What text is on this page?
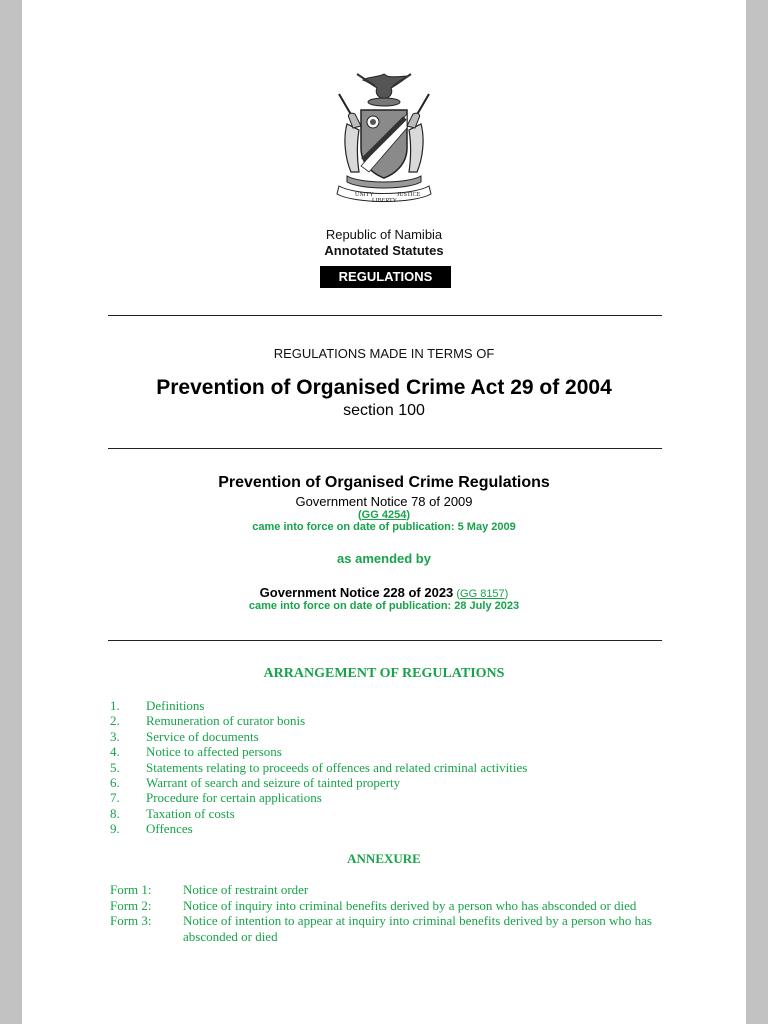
UNITY
LIBERTY
JUSTICE
Republic of Namibia
Annotated Statutes
REGULATIONS
REGULATIONS MADE IN TERMS OF
Prevention of Organised Crime Act 29 of 2004
section 100
Prevention of Organised Crime Regulations
Government Notice 78 of 2009
(GG 4254)
came into force on date of publication: 5 May 2009
as amended by
Government Notice 228 of 2023 (GG 8157)
came into force on date of publication: 28 July 2023
ARRANGEMENT OF REGULATIONS
1. Definitions
2. Remuneration of curator bonis
3. Service of documents
4. Notice to affected persons
5. Statements relating to proceeds of offences and related criminal activities
6. Warrant of search and seizure of tainted property
7. Procedure for certain applications
8. Taxation of costs
9. Offences
ANNEXURE
Form 1: Notice of restraint order
Form 2: Notice of inquiry into criminal benefits derived by a person who has absconded or died
Form 3: Notice of intention to appear at inquiry into criminal benefits derived by a person who has absconded or died
